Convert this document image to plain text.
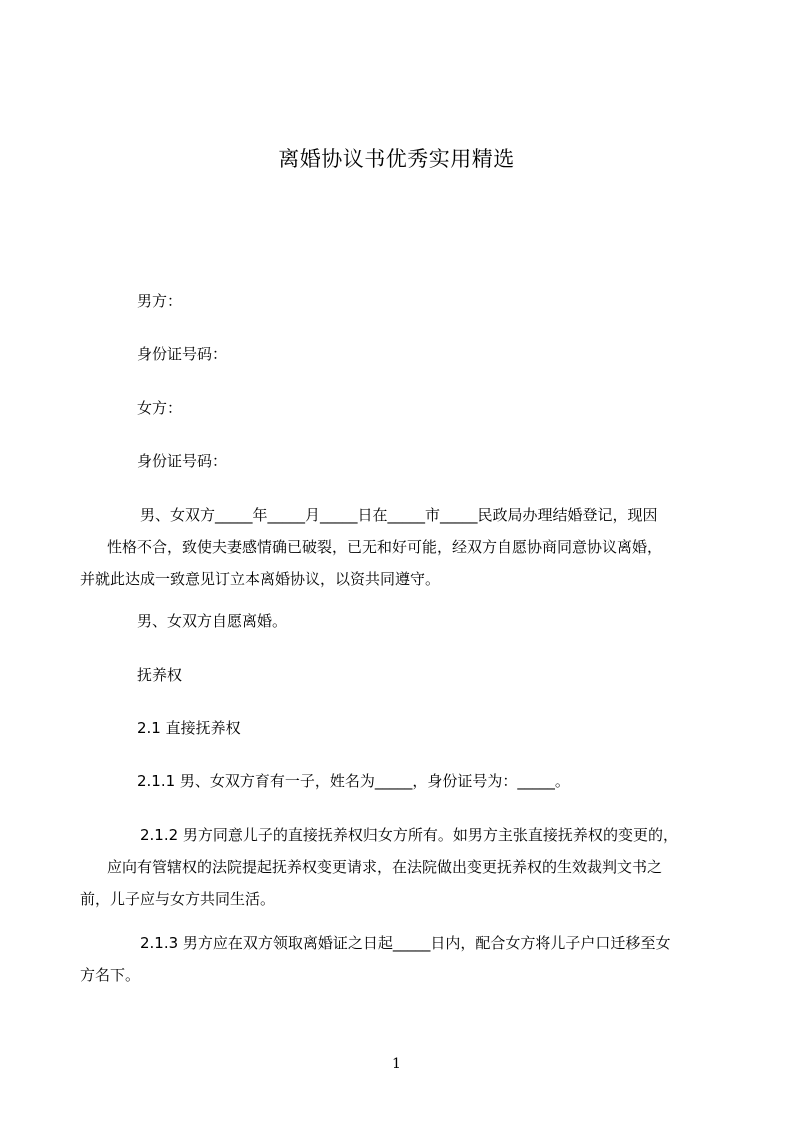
离婚协议书优秀实用精选
男方：
身份证号码：
女方：
身份证号码：
男、女双方_____年_____月_____日在_____市_____民政局办理结婚登记，现因
性格不合，致使夫妻感情确已破裂，已无和好可能，经双方自愿协商同意协议离婚，
并就此达成一致意见订立本离婚协议，以资共同遵守。
男、女双方自愿离婚。
抚养权
2.1 直接抚养权
2.1.1 男、女双方育有一子，姓名为_____，身份证号为：_____。
2.1.2 男方同意儿子的直接抚养权归女方所有。如男方主张直接抚养权的变更的，
应向有管辖权的法院提起抚养权变更请求，在法院做出变更抚养权的生效裁判文书之
前，儿子应与女方共同生活。
2.1.3 男方应在双方领取离婚证之日起_____日内，配合女方将儿子户口迁移至女
方名下。
1
